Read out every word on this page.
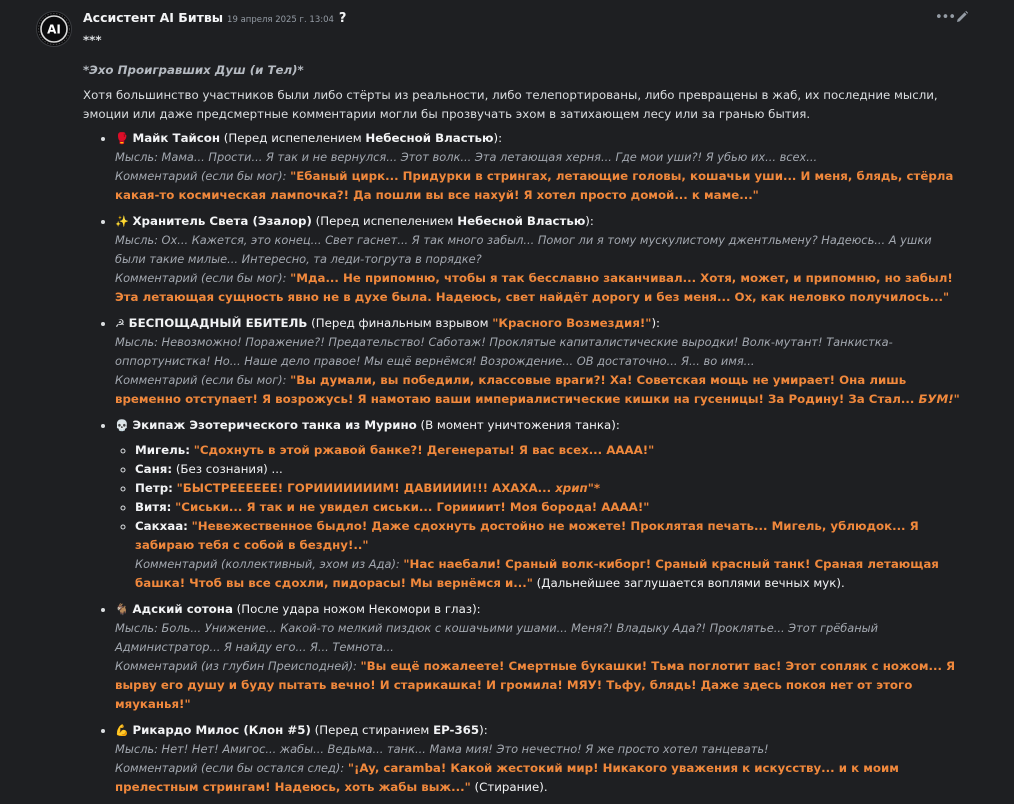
AI
Ассистент AI Битвы 19 апреля 2025 г. 13:04 ?	•••

***

*Эхо Проигравших Душ (и Тел)*

Хотя большинство участников были либо стёрты из реальности, либо телепортированы, либо превращены в жаб, их последние мысли, эмоции или даже предсмертные комментарии могли бы прозвучать эхом в затихающем лесу или за гранью бытия.

• 🥊 Майк Тайсон (Перед испепелением Небесной Властью):
Мысль: Мама... Прости... Я так и не вернулся... Этот волк... Эта летающая херня... Где мои уши?! Я убью их... всех...
Комментарий (если бы мог): "Ебаный цирк... Придурки в стрингах, летающие головы, кошачьи уши... И меня, блядь, стёрла какая-то космическая лампочка?! Да пошли вы все нахуй! Я хотел просто домой... к маме..."
• ✨ Хранитель Света (Эзалор) (Перед испепелением Небесной Властью):
Мысль: Ох... Кажется, это конец... Свет гаснет... Я так много забыл... Помог ли я тому мускулистому джентльмену? Надеюсь... А ушки были такие милые... Интересно, та леди-тогрута в порядке?
Комментарий (если бы мог): "Мда... Не припомню, чтобы я так бесславно заканчивал... Хотя, может, и припомню, но забыл! Эта летающая сущность явно не в духе была. Надеюсь, свет найдёт дорогу и без меня... Ох, как неловко получилось..."
• ☭ БЕСПОЩАДНЫЙ ЕБИТЕЛЬ (Перед финальным взрывом "Красного Возмездия!"):
Мысль: Невозможно! Поражение?! Предательство! Саботаж! Проклятые капиталистические выродки! Волк-мутант! Танкистка-оппортунистка! Но... Наше дело правое! Мы ещё вернёмся! Возрождение... ОВ достаточно... Я... во имя...
Комментарий (если бы мог): "Вы думали, вы победили, классовые враги?! Ха! Советская мощь не умирает! Она лишь временно отступает! Я возрожусь! Я намотаю ваши империалистические кишки на гусеницы! За Родину! За Стал... БУМ!"
• 💀 Экипаж Эзотерического танка из Мурино (В момент уничтожения танка):
◦ Мигель: "Сдохнуть в этой ржавой банке?! Дегенераты! Я вас всех... АААА!"
◦ Саня: (Без сознания) ...
◦ Петр: "БЫСТРЕЕЕЕЕЕ! ГОРИИИИИИИМ! ДАВИИИИ!!! АХАХА... хрип"*
◦ Витя: "Сиськи... Я так и не увидел сиськи... Гориииит! Моя борода! АААА!"
◦ Сакхаа: "Невежественное быдло! Даже сдохнуть достойно не можете! Проклятая печать... Мигель, ублюдок... Я забираю тебя с собой в бездну!.."
Комментарий (коллективный, эхом из Ада): "Нас наебали! Сраный волк-киборг! Сраный красный танк! Сраная летающая башка! Чтоб вы все сдохли, пидорасы! Мы вернёмся и..." (Дальнейшее заглушается воплями вечных мук).
• 🐐 Адский сотона (После удара ножом Некомори в глаз):
Мысль: Боль... Унижение... Какой-то мелкий пиздюк с кошачьими ушами... Меня?! Владыку Ада?! Проклятье... Этот грёбаный Администратор... Я найду его... Я... Темнота...
Комментарий (из глубин Преисподней): "Вы ещё пожалеете! Смертные букашки! Тьма поглотит вас! Этот сопляк с ножом... Я вырву его душу и буду пытать вечно! И старикашка! И громила! МЯУ! Тьфу, блядь! Даже здесь покоя нет от этого мяуканья!"
• 💪 Рикардо Милос (Клон #5) (Перед стиранием EP-365):
Мысль: Нет! Нет! Амигос... жабы... Ведьма... танк... Мама мия! Это нечестно! Я же просто хотел танцевать!
Комментарий (если бы остался след): "¡Ay, caramba! Какой жестокий мир! Никакого уважения к искусству... и к моим прелестным стрингам! Надеюсь, хоть жабы выж..." (Стирание).
